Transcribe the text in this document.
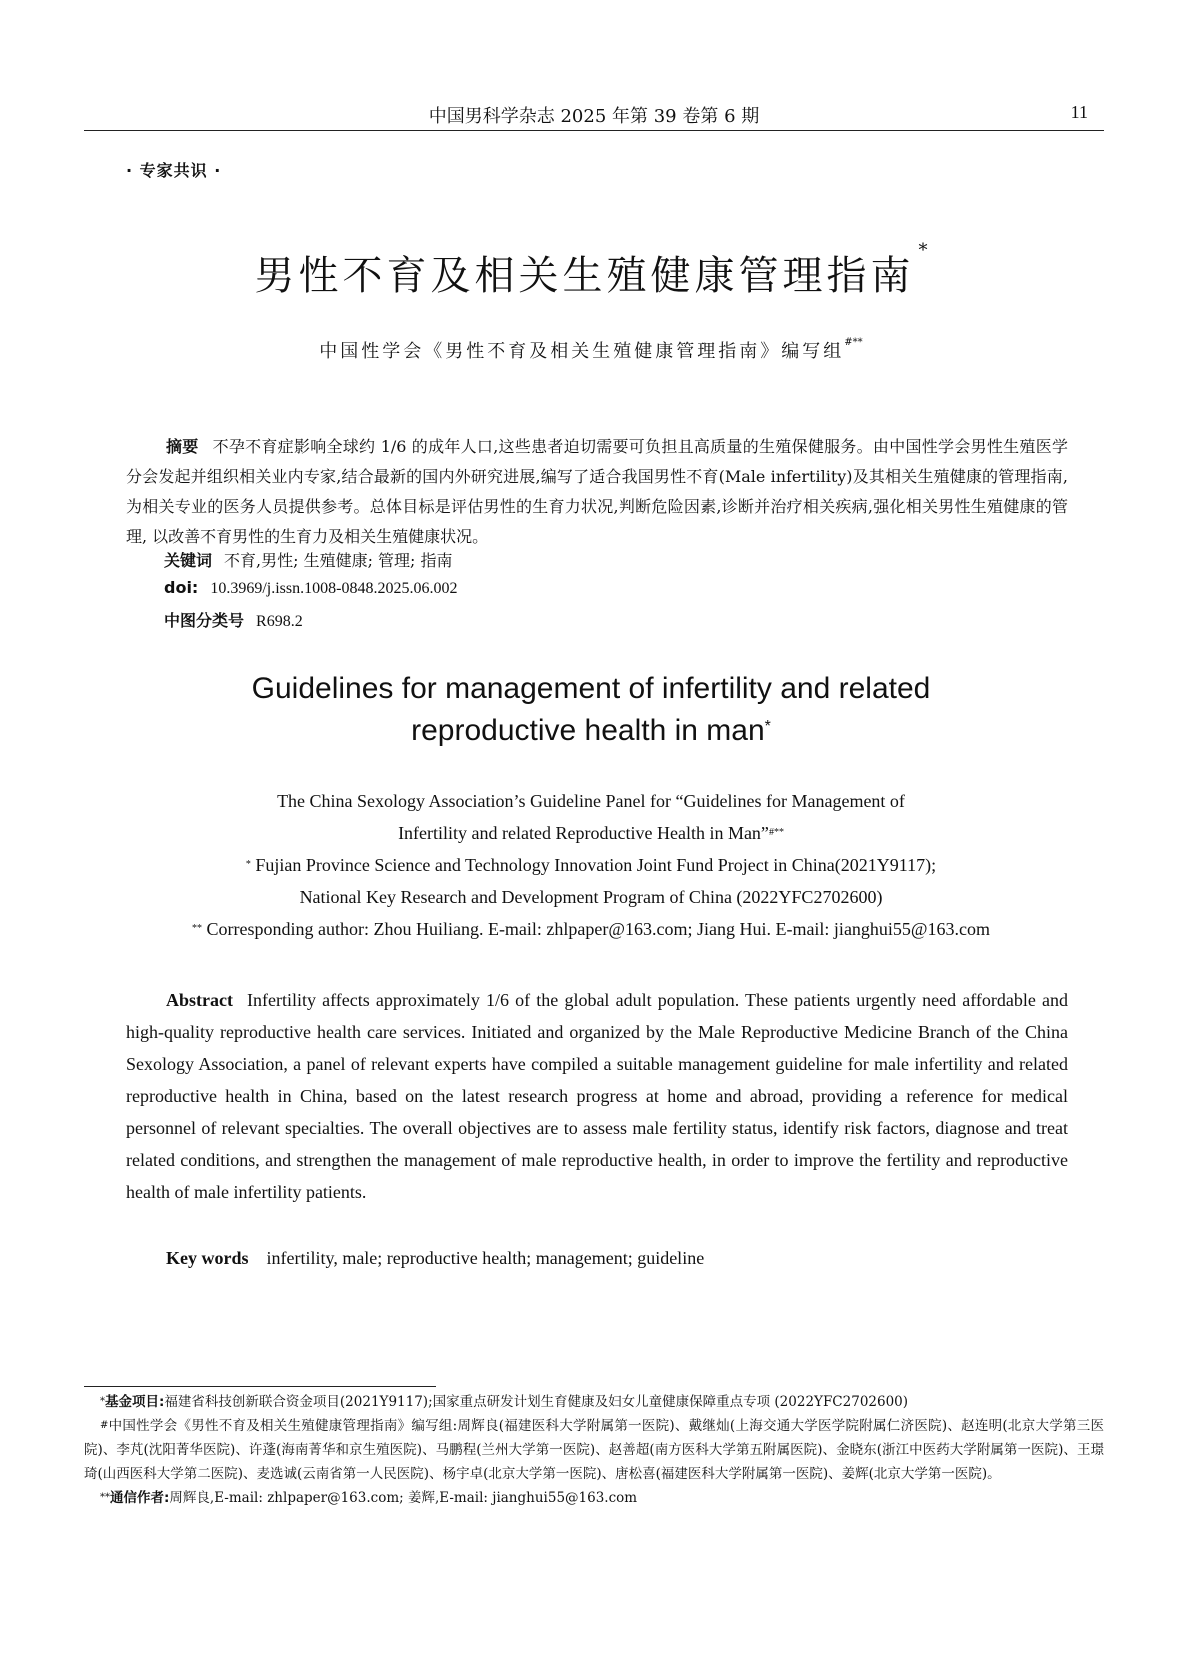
中国男科学杂志 2025 年第 39 卷第 6 期	11
· 专家共识 ·
男性不育及相关生殖健康管理指南*
中国性学会《男性不育及相关生殖健康管理指南》编写组#**
摘要 不孕不育症影响全球约 1/6 的成年人口,这些患者迫切需要可负担且高质量的生殖保健服务。由中国性学会男性生殖医学分会发起并组织相关业内专家,结合最新的国内外研究进展,编写了适合我国男性不育(Male infertility)及其相关生殖健康的管理指南,为相关专业的医务人员提供参考。总体目标是评估男性的生育力状况,判断危险因素,诊断并治疗相关疾病,强化相关男性生殖健康的管理, 以改善不育男性的生育力及相关生殖健康状况。
关键词 不育,男性; 生殖健康; 管理; 指南
doi: 10.3969/j.issn.1008-0848.2025.06.002
中图分类号 R698.2
Guidelines for management of infertility and related
reproductive health in man*
The China Sexology Association’s Guideline Panel for “Guidelines for Management of
Infertility and related Reproductive Health in Man”#**
* Fujian Province Science and Technology Innovation Joint Fund Project in China(2021Y9117);
National Key Research and Development Program of China (2022YFC2702600)
** Corresponding author: Zhou Huiliang. E-mail: zhlpaper@163.com; Jiang Hui. E-mail: jianghui55@163.com
Abstract Infertility affects approximately 1/6 of the global adult population. These patients urgently need affordable and high-quality reproductive health care services. Initiated and organized by the Male Reproductive Medicine Branch of the China Sexology Association, a panel of relevant experts have compiled a suitable management guideline for male infertility and related reproductive health in China, based on the latest research progress at home and abroad, providing a reference for medical personnel of relevant specialties. The overall objectives are to assess male fertility status, identify risk factors, diagnose and treat related conditions, and strengthen the management of male reproductive health, in order to improve the fertility and reproductive health of male infertility patients.
Key words infertility, male; reproductive health; management; guideline
*基金项目:福建省科技创新联合资金项目(2021Y9117);国家重点研发计划生育健康及妇女儿童健康保障重点专项 (2022YFC2702600)
#中国性学会《男性不育及相关生殖健康管理指南》编写组:周辉良(福建医科大学附属第一医院)、戴继灿(上海交通大学医学院附属仁济医院)、赵连明(北京大学第三医院)、李芃(沈阳菁华医院)、许蓬(海南菁华和京生殖医院)、马鹏程(兰州大学第一医院)、赵善超(南方医科大学第五附属医院)、金晓东(浙江中医药大学附属第一医院)、王璟琦(山西医科大学第二医院)、麦选诚(云南省第一人民医院)、杨宇卓(北京大学第一医院)、唐松喜(福建医科大学附属第一医院)、姜辉(北京大学第一医院)。
**通信作者:周辉良,E-mail: zhlpaper@163.com; 姜辉,E-mail: jianghui55@163.com
